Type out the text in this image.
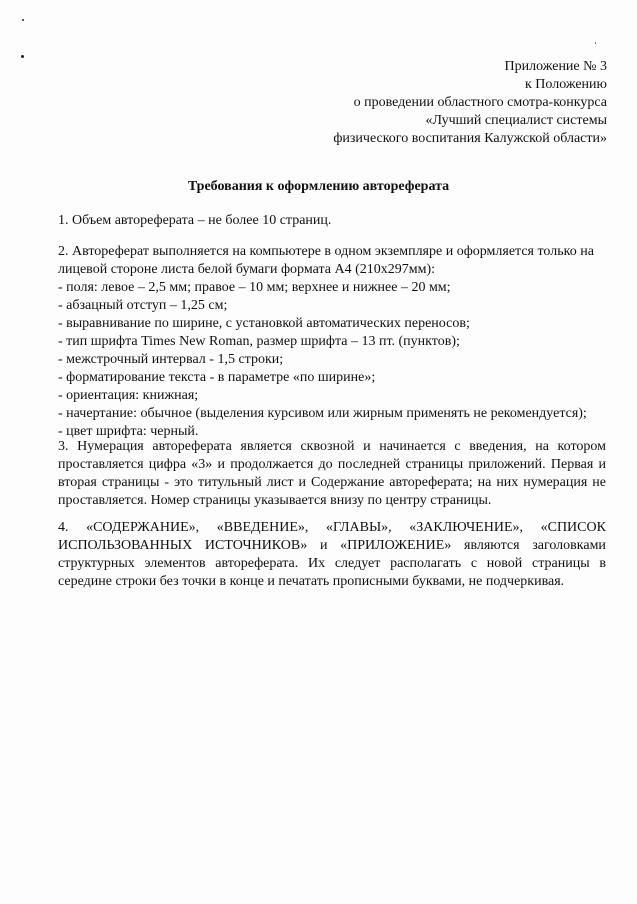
Приложение № 3
к Положению
о проведении областного смотра-конкурса
«Лучший специалист системы
физического воспитания Калужской области»
Требования к оформлению автореферата
1. Объем автореферата – не более 10 страниц.
2. Автореферат выполняется на компьютере в одном экземпляре и оформляется только на
лицевой стороне листа белой бумаги формата А4 (210х297мм):
- поля: левое – 2,5 мм; правое – 10 мм; верхнее и нижнее – 20 мм;
- абзацный отступ – 1,25 см;
- выравнивание по ширине, с установкой автоматических переносов;
- тип шрифта Times New Roman, размер шрифта – 13 пт. (пунктов);
- межстрочный интервал - 1,5 строки;
- форматирование текста - в параметре «по ширине»;
- ориентация: книжная;
- начертание: обычное (выделения курсивом или жирным применять не рекомендуется);
- цвет шрифта: черный.
3. Нумерация автореферата является сквозной и начинается с введения, на котором
проставляется цифра «3» и продолжается до последней страницы приложений. Первая и
вторая страницы - это титульный лист и Содержание автореферата; на них нумерация не
проставляется. Номер страницы указывается внизу по центру страницы.
4. «СОДЕРЖАНИЕ», «ВВЕДЕНИЕ», «ГЛАВЫ», «ЗАКЛЮЧЕНИЕ», «СПИСОК
ИСПОЛЬЗОВАННЫХ ИСТОЧНИКОВ» и «ПРИЛОЖЕНИЕ» являются заголовками
структурных элементов автореферата. Их следует располагать с новой страницы в
середине строки без точки в конце и печатать прописными буквами, не подчеркивая.
